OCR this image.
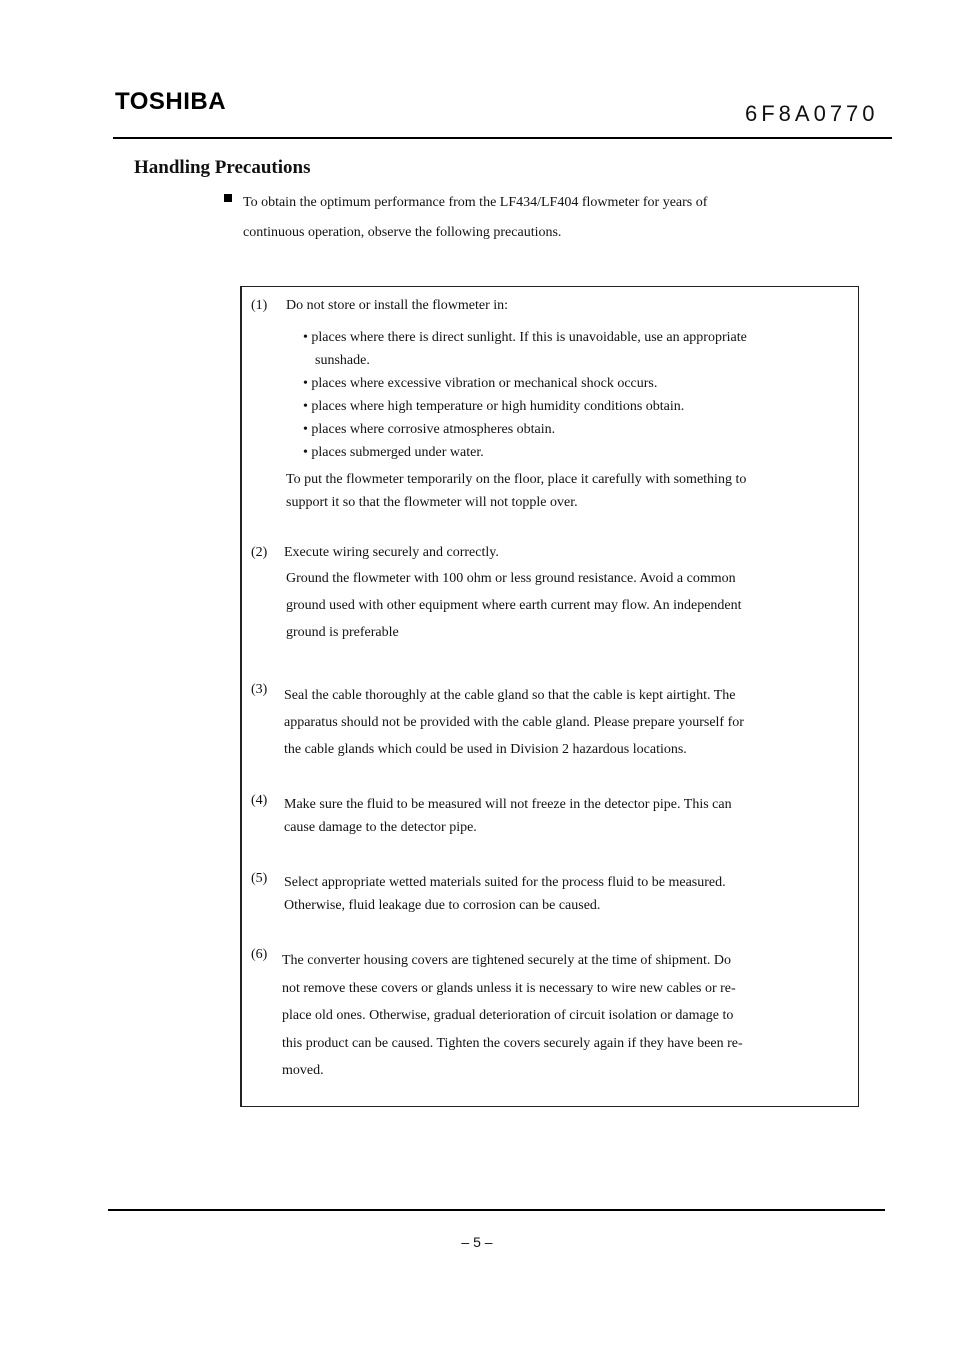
TOSHIBA	6F8A0770
Handling Precautions
To obtain the optimum performance from the LF434/LF404 flowmeter for years of
continuous operation, observe the following precautions.
(1) Do not store or install the flowmeter in:
• places where there is direct sunlight. If this is unavoidable, use an appropriate
sunshade.
• places where excessive vibration or mechanical shock occurs.
• places where high temperature or high humidity conditions obtain.
• places where corrosive atmospheres obtain.
• places submerged under water.
To put the flowmeter temporarily on the floor, place it carefully with something to
support it so that the flowmeter will not topple over.
(2) Execute wiring securely and correctly.
Ground the flowmeter with 100 ohm or less ground resistance. Avoid a common
ground used with other equipment where earth current may flow. An independent
ground is preferable
(3) Seal the cable thoroughly at the cable gland so that the cable is kept airtight. The
apparatus should not be provided with the cable gland. Please prepare yourself for
the cable glands which could be used in Division 2 hazardous locations.
(4) Make sure the fluid to be measured will not freeze in the detector pipe. This can
cause damage to the detector pipe.
(5) Select appropriate wetted materials suited for the process fluid to be measured.
Otherwise, fluid leakage due to corrosion can be caused.
(6) The converter housing covers are tightened securely at the time of shipment. Do
not remove these covers or glands unless it is necessary to wire new cables or re-
place old ones. Otherwise, gradual deterioration of circuit isolation or damage to
this product can be caused. Tighten the covers securely again if they have been re-
moved.
– 5 –
